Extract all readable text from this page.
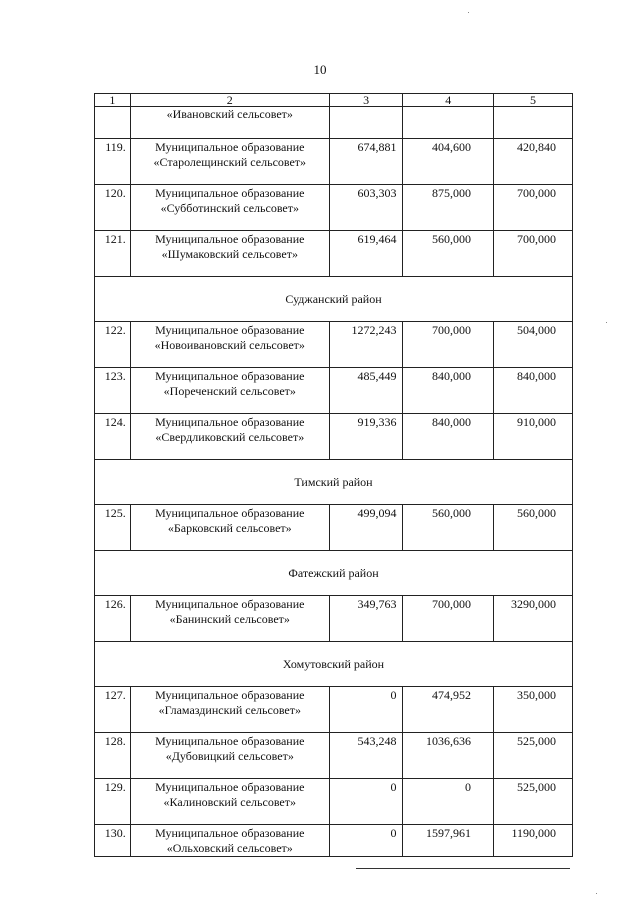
10
1	2	3	4	5
	«Ивановский сельсовет»			
119.	Муниципальное образование
«Старолещинский сельсовет»	674,881	404,600	420,840
120.	Муниципальное образование
«Субботинский сельсовет»	603,303	875,000	700,000
121.	Муниципальное образование
«Шумаковский сельсовет»	619,464	560,000	700,000
Суджанский район				
122.	Муниципальное образование
«Новоивановский сельсовет»	1272,243	700,000	504,000
123.	Муниципальное образование
«Пореченский сельсовет»	485,449	840,000	840,000
124.	Муниципальное образование
«Свердликовский сельсовет»	919,336	840,000	910,000
Тимский район				
125.	Муниципальное образование
«Барковский сельсовет»	499,094	560,000	560,000
Фатежский район				
126.	Муниципальное образование
«Банинский сельсовет»	349,763	700,000	3290,000
Хомутовский район				
127.	Муниципальное образование
«Гламаздинский сельсовет»	0	474,952	350,000
128.	Муниципальное образование
«Дубовицкий сельсовет»	543,248	1036,636	525,000
129.	Муниципальное образование
«Калиновский сельсовет»	0	0	525,000
130.	Муниципальное образование
«Ольховский сельсовет»	0	1597,961	1190,000
